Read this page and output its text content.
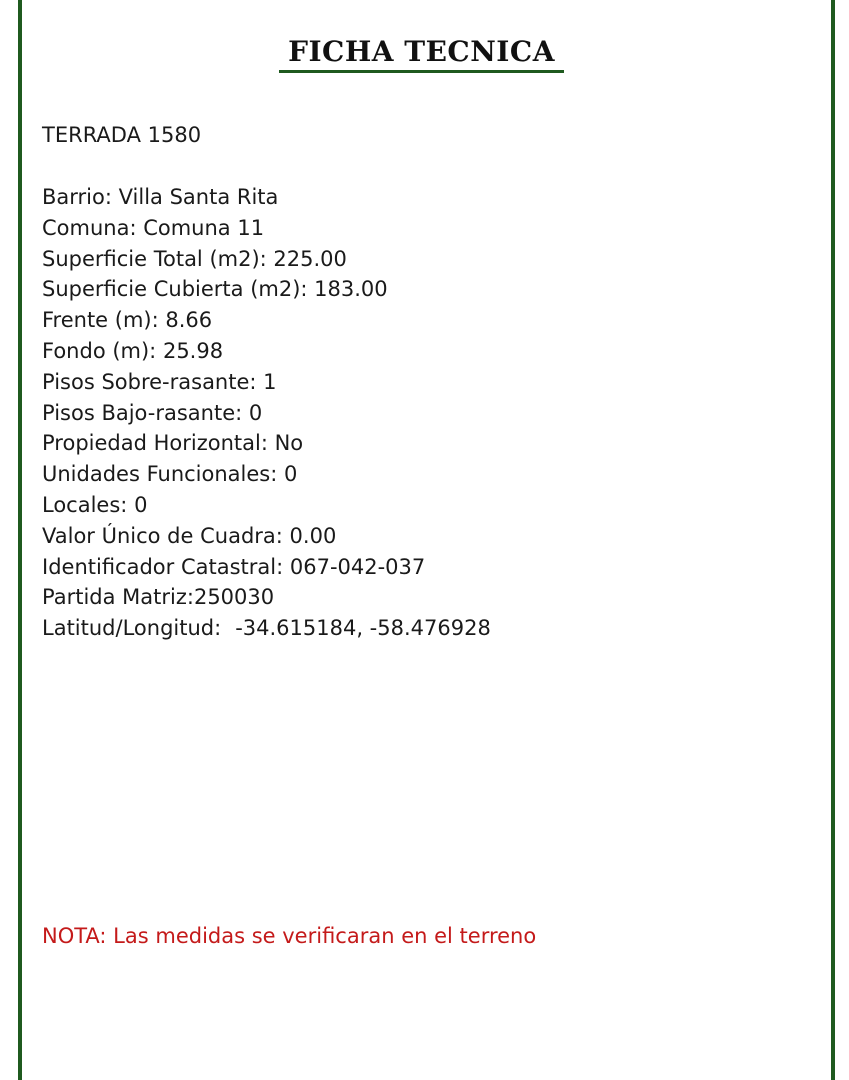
FICHA TECNICA
TERRADA 1580
Barrio: Villa Santa Rita
Comuna: Comuna 11
Superficie Total (m2): 225.00
Superficie Cubierta (m2): 183.00
Frente (m): 8.66
Fondo (m): 25.98
Pisos Sobre-rasante: 1
Pisos Bajo-rasante: 0
Propiedad Horizontal: No
Unidades Funcionales: 0
Locales: 0
Valor Único de Cuadra: 0.00
Identificador Catastral: 067-042-037
Partida Matriz:250030
Latitud/Longitud: -34.615184, -58.476928
NOTA: Las medidas se verificaran en el terreno
